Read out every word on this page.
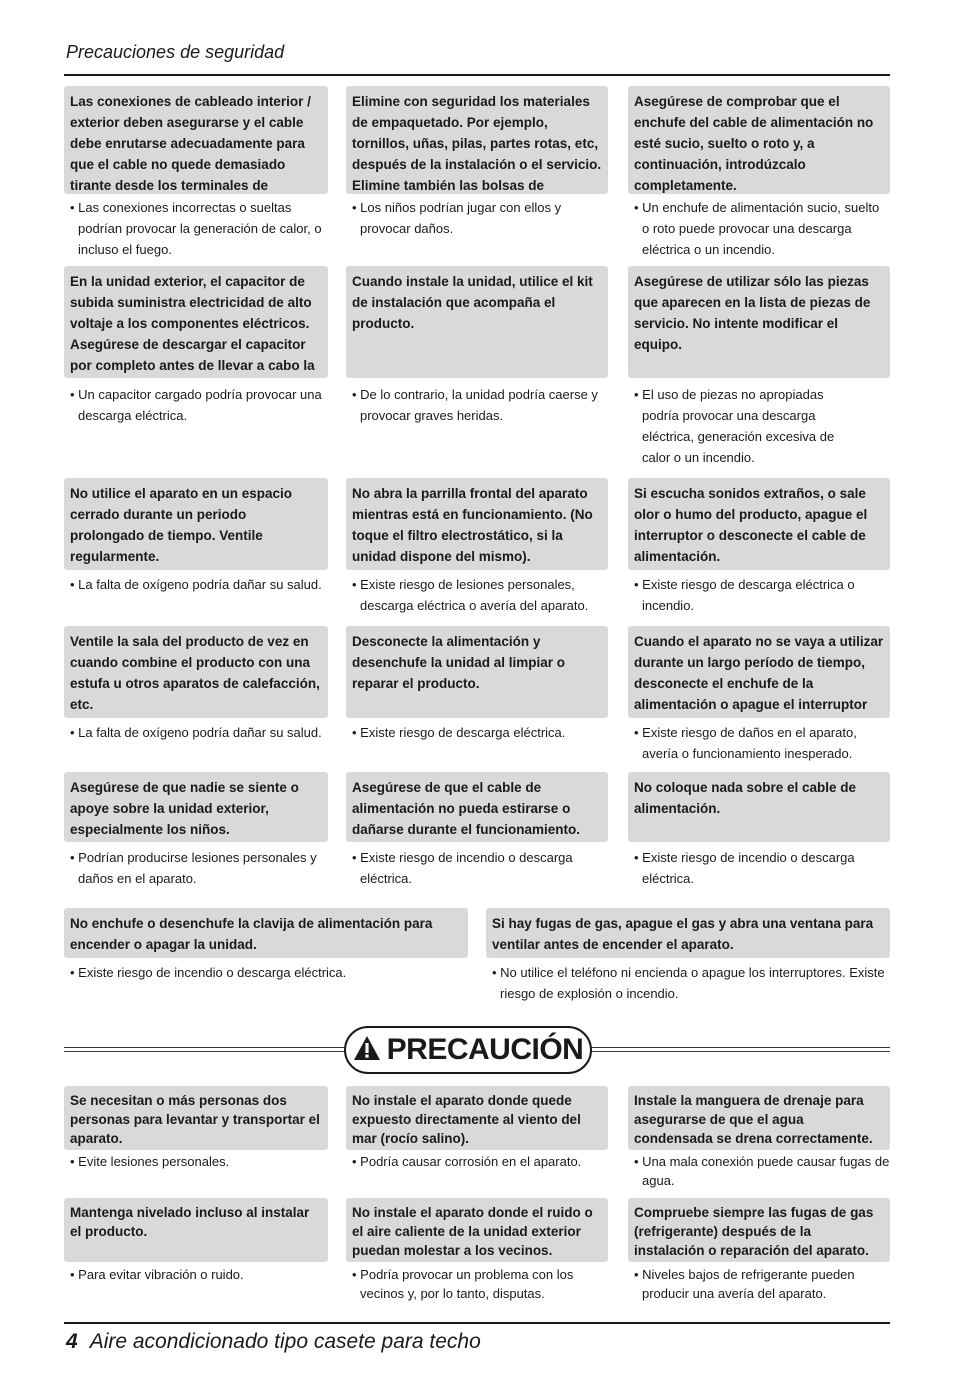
Precauciones de seguridad
Las conexiones de cableado interior / exterior deben asegurarse y el cable debe enrutarse adecuadamente para que el cable no quede demasiado tirante desde los terminales de
Elimine con seguridad los materiales de empaquetado. Por ejemplo, tornillos, uñas, pilas, partes rotas, etc, después de la instalación o el servicio. Elimine también las bolsas de
Asegúrese de comprobar que el enchufe del cable de alimentación no esté sucio, suelto o roto y, a continuación, introdúzcalo completamente.
• Las conexiones incorrectas o sueltas podrían provocar la generación de calor, o incluso el fuego.
• Los niños podrían jugar con ellos y provocar daños.
• Un enchufe de alimentación sucio, suelto o roto puede provocar una descarga eléctrica o un incendio.
En la unidad exterior, el capacitor de subida suministra electricidad de alto voltaje a los componentes eléctricos. Asegúrese de descargar el capacitor por completo antes de llevar a cabo la
Cuando instale la unidad, utilice el kit de instalación que acompaña el producto.
Asegúrese de utilizar sólo las piezas que aparecen en la lista de piezas de servicio. No intente modificar el equipo.
• Un capacitor cargado podría provocar una descarga eléctrica.
• De lo contrario, la unidad podría caerse y provocar graves heridas.
• El uso de piezas no apropiadas podría provocar una descarga eléctrica, generación excesiva de calor o un incendio.
No utilice el aparato en un espacio cerrado durante un periodo prolongado de tiempo. Ventile regularmente.
No abra la parrilla frontal del aparato mientras está en funcionamiento. (No toque el filtro electrostático, si la unidad dispone del mismo).
Si escucha sonidos extraños, o sale olor o humo del producto, apague el interruptor o desconecte el cable de alimentación.
• La falta de oxígeno podría dañar su salud.	• Existe riesgo de lesiones personales, descarga eléctrica o avería del aparato.
• Existe riesgo de descarga eléctrica o incendio.
Ventile la sala del producto de vez en cuando combine el producto con una estufa u otros aparatos de calefacción, etc.
Desconecte la alimentación y desenchufe la unidad al limpiar o reparar el producto.
Cuando el aparato no se vaya a utilizar durante un largo período de tiempo, desconecte el enchufe de la alimentación o apague el interruptor
• La falta de oxígeno podría dañar su salud.	• Existe riesgo de descarga eléctrica.	• Existe riesgo de daños en el aparato, avería o funcionamiento inesperado.
Asegúrese de que nadie se siente o apoye sobre la unidad exterior, especialmente los niños.
Asegúrese de que el cable de alimentación no pueda estirarse o dañarse durante el funcionamiento.
No coloque nada sobre el cable de alimentación.
• Podrían producirse lesiones personales y daños en el aparato.
• Existe riesgo de incendio o descarga eléctrica.
• Existe riesgo de incendio o descarga eléctrica.
No enchufe o desenchufe la clavija de alimentación para encender o apagar la unidad.
Si hay fugas de gas, apague el gas y abra una ventana para ventilar antes de encender el aparato.
• Existe riesgo de incendio o descarga eléctrica.	• No utilice el teléfono ni encienda o apague los interruptores. Existe riesgo de explosión o incendio.
PRECAUCIÓN
Se necesitan o más personas dos personas para levantar y transportar el aparato.
No instale el aparato donde quede expuesto directamente al viento del mar (rocío salino).
Instale la manguera de drenaje para asegurarse de que el agua condensada se drena correctamente.
• Evite lesiones personales.	• Podría causar corrosión en el aparato.	• Una mala conexión puede causar fugas de agua.
Mantenga nivelado incluso al instalar el producto.
No instale el aparato donde el ruido o el aire caliente de la unidad exterior puedan molestar a los vecinos.
Compruebe siempre las fugas de gas (refrigerante) después de la instalación o reparación del aparato.
• Para evitar vibración o ruido.	• Podría provocar un problema con los vecinos y, por lo tanto, disputas.
• Niveles bajos de refrigerante pueden producir una avería del aparato.
4 Aire acondicionado tipo casete para techo
